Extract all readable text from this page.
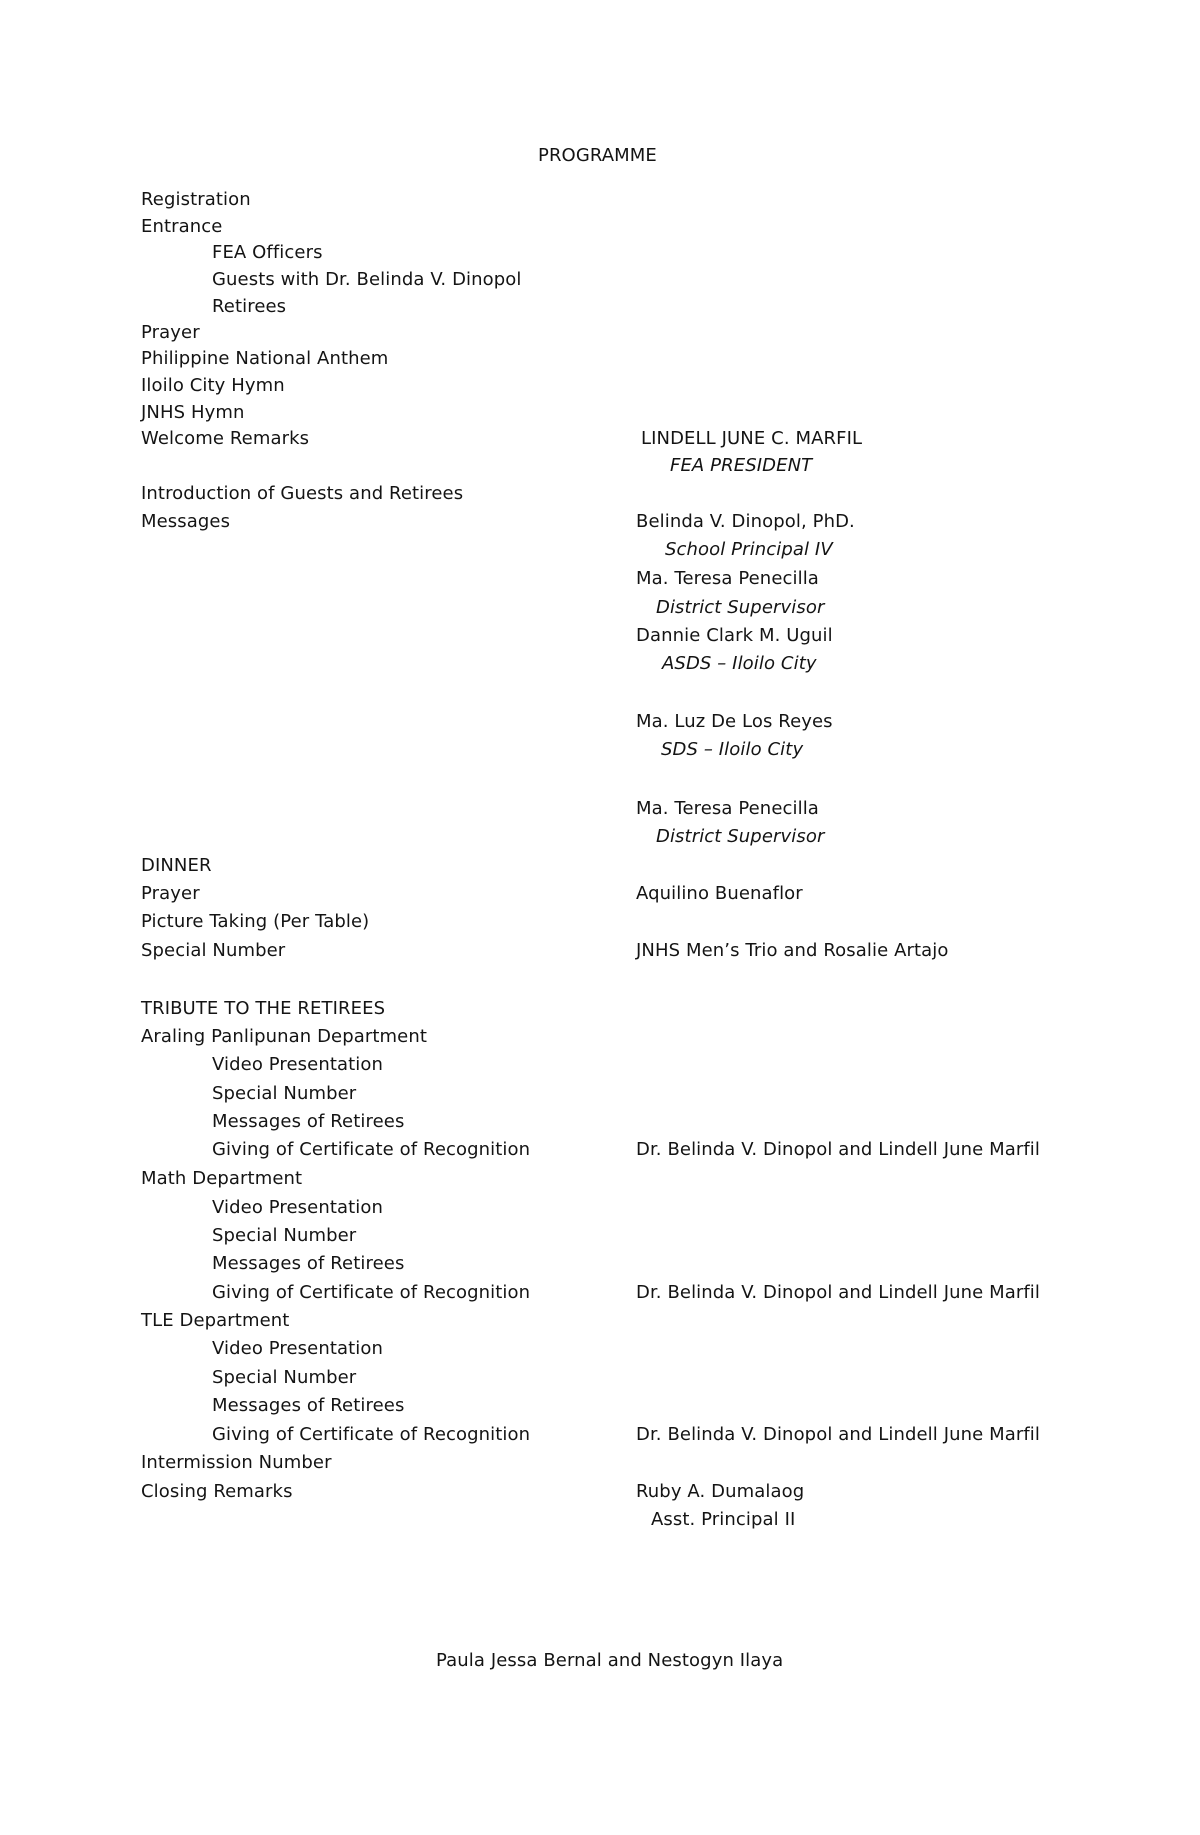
PROGRAMME
Registration
Entrance
FEA Officers
Guests with Dr. Belinda V. Dinopol
Retirees
Prayer
Philippine National Anthem
Iloilo City Hymn
JNHS Hymn
Welcome Remarks
Introduction of Guests and Retirees
Messages
DINNER
Prayer
Picture Taking (Per Table)
Special Number
TRIBUTE TO THE RETIREES
Araling Panlipunan Department
Video Presentation
Special Number
Messages of Retirees
Giving of Certificate of Recognition
Math Department
Video Presentation
Special Number
Messages of Retirees
Giving of Certificate of Recognition
TLE Department
Video Presentation
Special Number
Messages of Retirees
Giving of Certificate of Recognition
Intermission Number
Closing Remarks
LINDELL JUNE C. MARFIL
FEA PRESIDENT
Belinda V. Dinopol, PhD.
School Principal IV
Ma. Teresa Penecilla
District Supervisor
Dannie Clark M. Uguil
ASDS – Iloilo City
Ma. Luz De Los Reyes
SDS – Iloilo City
Ma. Teresa Penecilla
District Supervisor
Aquilino Buenaflor
JNHS Men’s Trio and Rosalie Artajo
Dr. Belinda V. Dinopol and Lindell June Marfil
Dr. Belinda V. Dinopol and Lindell June Marfil
Dr. Belinda V. Dinopol and Lindell June Marfil
Ruby A. Dumalaog
Asst. Principal II
Paula Jessa Bernal and Nestogyn Ilaya
